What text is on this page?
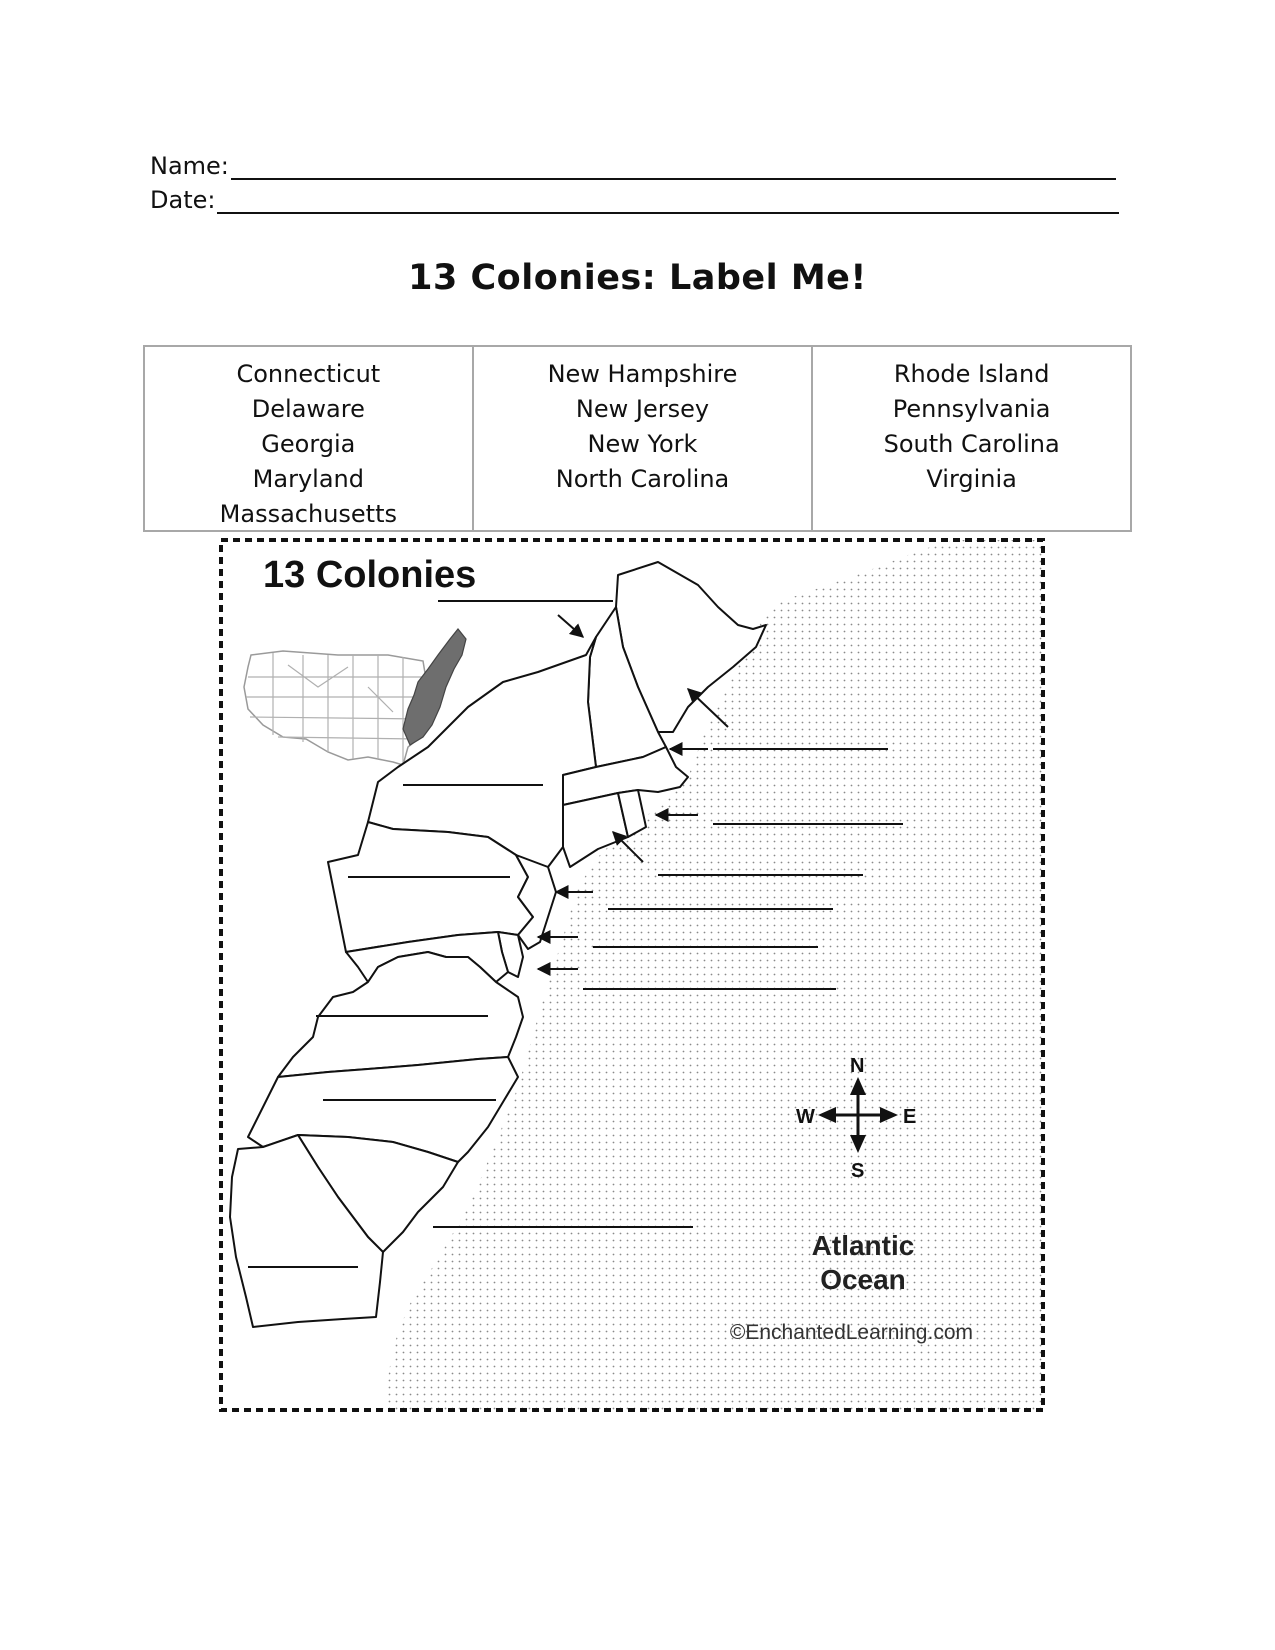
Name:
Date:
13 Colonies: Label Me!
Connecticut
Delaware
Georgia
Maryland
Massachusetts
New Hampshire
New Jersey
New York
North Carolina
Rhode Island
Pennsylvania
South Carolina
Virginia
13 Colonies
N
S
W	E
Atlantic
Ocean
©EnchantedLearning.com
